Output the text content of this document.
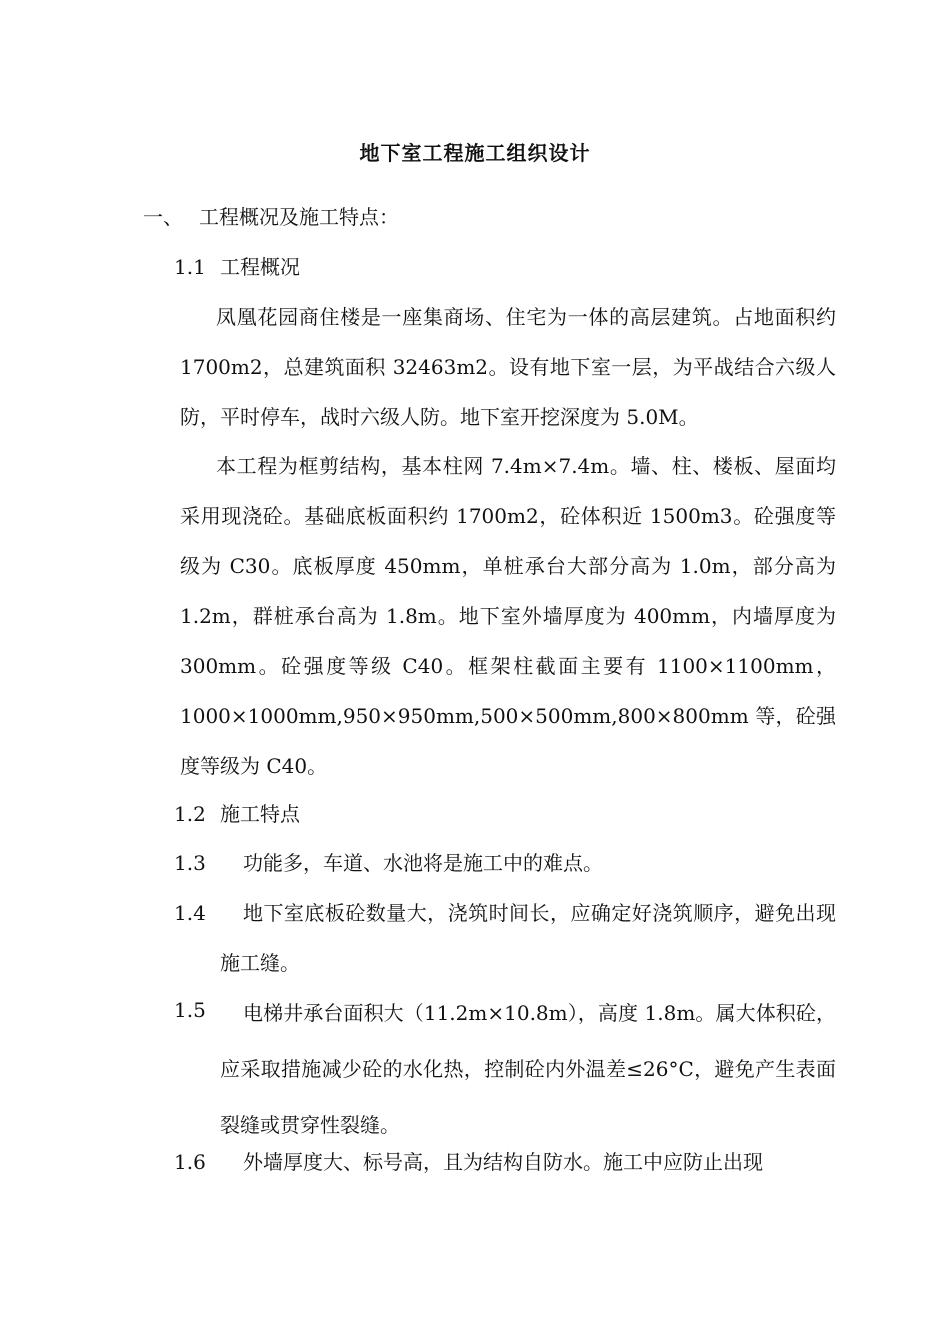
地下室工程施工组织设计
一、 工程概况及施工特点：
1.1 工程概况
凤凰花园商住楼是一座集商场、住宅为一体的高层建筑。占地面积约 1700m2，总建筑面积 32463m2。设有地下室一层，为平战结合六级人防，平时停车，战时六级人防。地下室开挖深度为 5.0M。
本工程为框剪结构，基本柱网 7.4m×7.4m。墙、柱、楼板、屋面均采用现浇砼。基础底板面积约 1700m2，砼体积近 1500m3。砼强度等级为 C30。底板厚度 450mm，单桩承台大部分高为 1.0m，部分高为 1.2m，群桩承台高为 1.8m。地下室外墙厚度为 400mm，内墙厚度为 300mm。砼强度等级 C40。框架柱截面主要有 1100×1100mm，1000×1000mm,950×950mm,500×500mm,800×800mm 等，砼强度等级为 C40。
1.2 施工特点
1.3	功能多，车道、水池将是施工中的难点。
1.4	地下室底板砼数量大，浇筑时间长，应确定好浇筑顺序，避免出现施工缝。
1.5	电梯井承台面积大（11.2m×10.8m），高度 1.8m。属大体积砼，应采取措施减少砼的水化热，控制砼内外温差≤26°C，避免产生表面裂缝或贯穿性裂缝。
1.6	外墙厚度大、标号高，且为结构自防水。施工中应防止出现
